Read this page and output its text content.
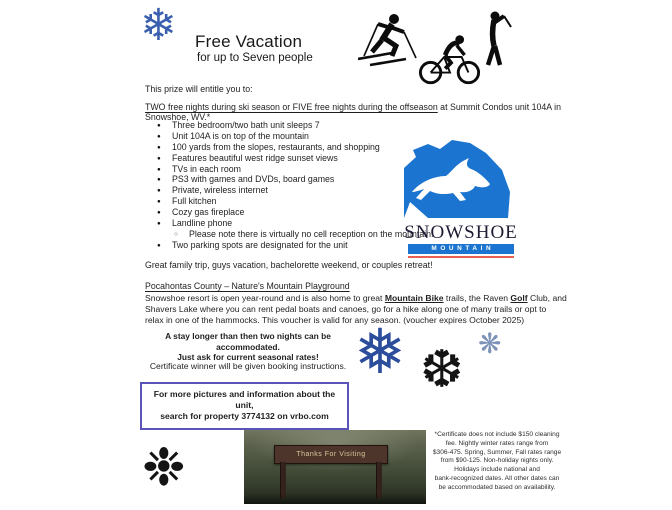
❄ Free Vacation
for up to Seven people
This prize will entitle you to:
TWO free nights during ski season or FIVE free nights during the offseason at Summit Condos unit 104A in Snowshoe, WV.*
● Three bedroom/two bath unit sleeps 7
● Unit 104A is on top of the mountain
● 100 yards from the slopes, restaurants, and shopping
● Features beautiful west ridge sunset views
● TVs in each room
● PS3 with games and DVDs, board games
● Private, wireless internet
● Full kitchen
● Cozy gas fireplace
● Landline phone
○ Please note there is virtually no cell reception on the mountain.
● Two parking spots are designated for the unit
Great family trip, guys vacation, bachelorette weekend, or couples retreat!
Pocahontas County – Nature's Mountain Playground
Snowshoe resort is open year-round and is also home to great Mountain Bike trails, the Raven Golf Club, and Shavers Lake where you can rent pedal boats and canoes, go for a hike along one of many trails or opt to relax in one of the hammocks. This voucher is valid for any season. (voucher expires October 2025)
A stay longer than then two nights can be accommodated.
Just ask for current seasonal rates!
Certificate winner will be given booking instructions.
For more pictures and information about the unit,
search for property 3774132 on vrbo.com
SNOWSHOE
MOUNTAIN
❅ ❆ ❋
❉	Thanks For Visiting
*Certificate does not include $150 cleaning
fee. Nightly winter rates range from
$306-475. Spring, Summer, Fall rates range
from $90-125. Non-holiday nights only.
Holidays include national and
bank-recognized dates. All other dates can
be accommodated based on availability.
